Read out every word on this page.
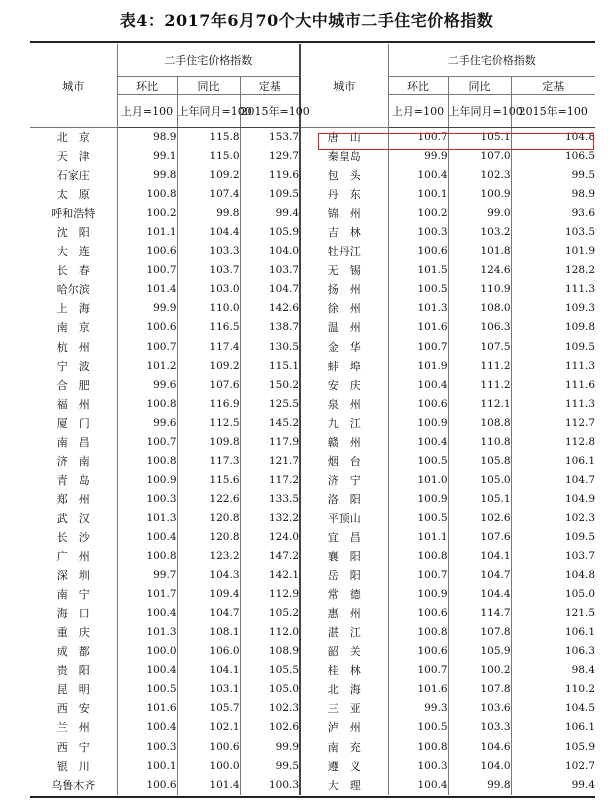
表4：2017年6月70个大中城市二手住宅价格指数
城市	二手住宅价格指数			城市	二手住宅价格指数		
	环比	同比	定基		环比	同比	定基
	上月=100	上年同月=100	2015年=100		上月=100	上年同月=100	2015年=100
北　京	98.9	115.8	153.7	唐　山	100.7	105.1	104.8
天　津	99.1	115.0	129.7	秦皇岛	99.9	107.0	106.5
石家庄	99.8	109.2	119.6	包　头	100.4	102.3	99.5
太　原	100.8	107.4	109.5	丹　东	100.1	100.9	98.9
呼和浩特	100.2	99.8	99.4	锦　州	100.2	99.0	93.6
沈　阳	101.1	104.4	105.9	吉　林	100.3	103.2	103.5
大　连	100.6	103.3	104.0	牡丹江	100.6	101.8	101.9
长　春	100.7	103.7	103.7	无　锡	101.5	124.6	128.2
哈尔滨	101.4	103.0	104.7	扬　州	100.5	110.9	111.3
上　海	99.9	110.0	142.6	徐　州	101.3	108.0	109.3
南　京	100.6	116.5	138.7	温　州	101.6	106.3	109.8
杭　州	100.7	117.4	130.5	金　华	100.7	107.5	109.5
宁　波	101.2	109.2	115.1	蚌　埠	101.9	111.2	111.3
合　肥	99.6	107.6	150.2	安　庆	100.4	111.2	111.6
福　州	100.8	116.9	125.5	泉　州	100.6	112.1	111.3
厦　门	99.6	112.5	145.2	九　江	100.9	108.8	112.7
南　昌	100.7	109.8	117.9	赣　州	100.4	110.8	112.8
济　南	100.8	117.3	121.7	烟　台	100.5	105.8	106.1
青　岛	100.9	115.6	117.2	济　宁	101.0	105.0	104.7
郑　州	100.3	122.6	133.5	洛　阳	100.9	105.1	104.9
武　汉	101.3	120.8	132.2	平顶山	100.5	102.6	102.3
长　沙	100.4	120.8	124.0	宜　昌	101.1	107.6	109.5
广　州	100.8	123.2	147.2	襄　阳	100.8	104.1	103.7
深　圳	99.7	104.3	142.1	岳　阳	100.7	104.7	104.8
南　宁	101.7	109.4	112.9	常　德	100.9	104.4	105.0
海　口	100.4	104.7	105.2	惠　州	100.6	114.7	121.5
重　庆	101.3	108.1	112.0	湛　江	100.8	107.8	106.1
成　都	100.0	106.0	108.9	韶　关	100.6	105.9	106.3
贵　阳	100.4	104.1	105.5	桂　林	100.7	100.2	98.4
昆　明	100.5	103.1	105.0	北　海	101.6	107.8	110.2
西　安	101.6	105.7	102.3	三　亚	99.3	103.6	104.5
兰　州	100.4	102.1	102.6	泸　州	100.5	103.3	106.1
西　宁	100.3	100.6	99.9	南　充	100.8	104.6	105.9
银　川	100.1	100.0	99.5	遵　义	100.3	104.0	102.7
乌鲁木齐	100.6	101.4	100.3	大　理	100.4	99.8	99.4
